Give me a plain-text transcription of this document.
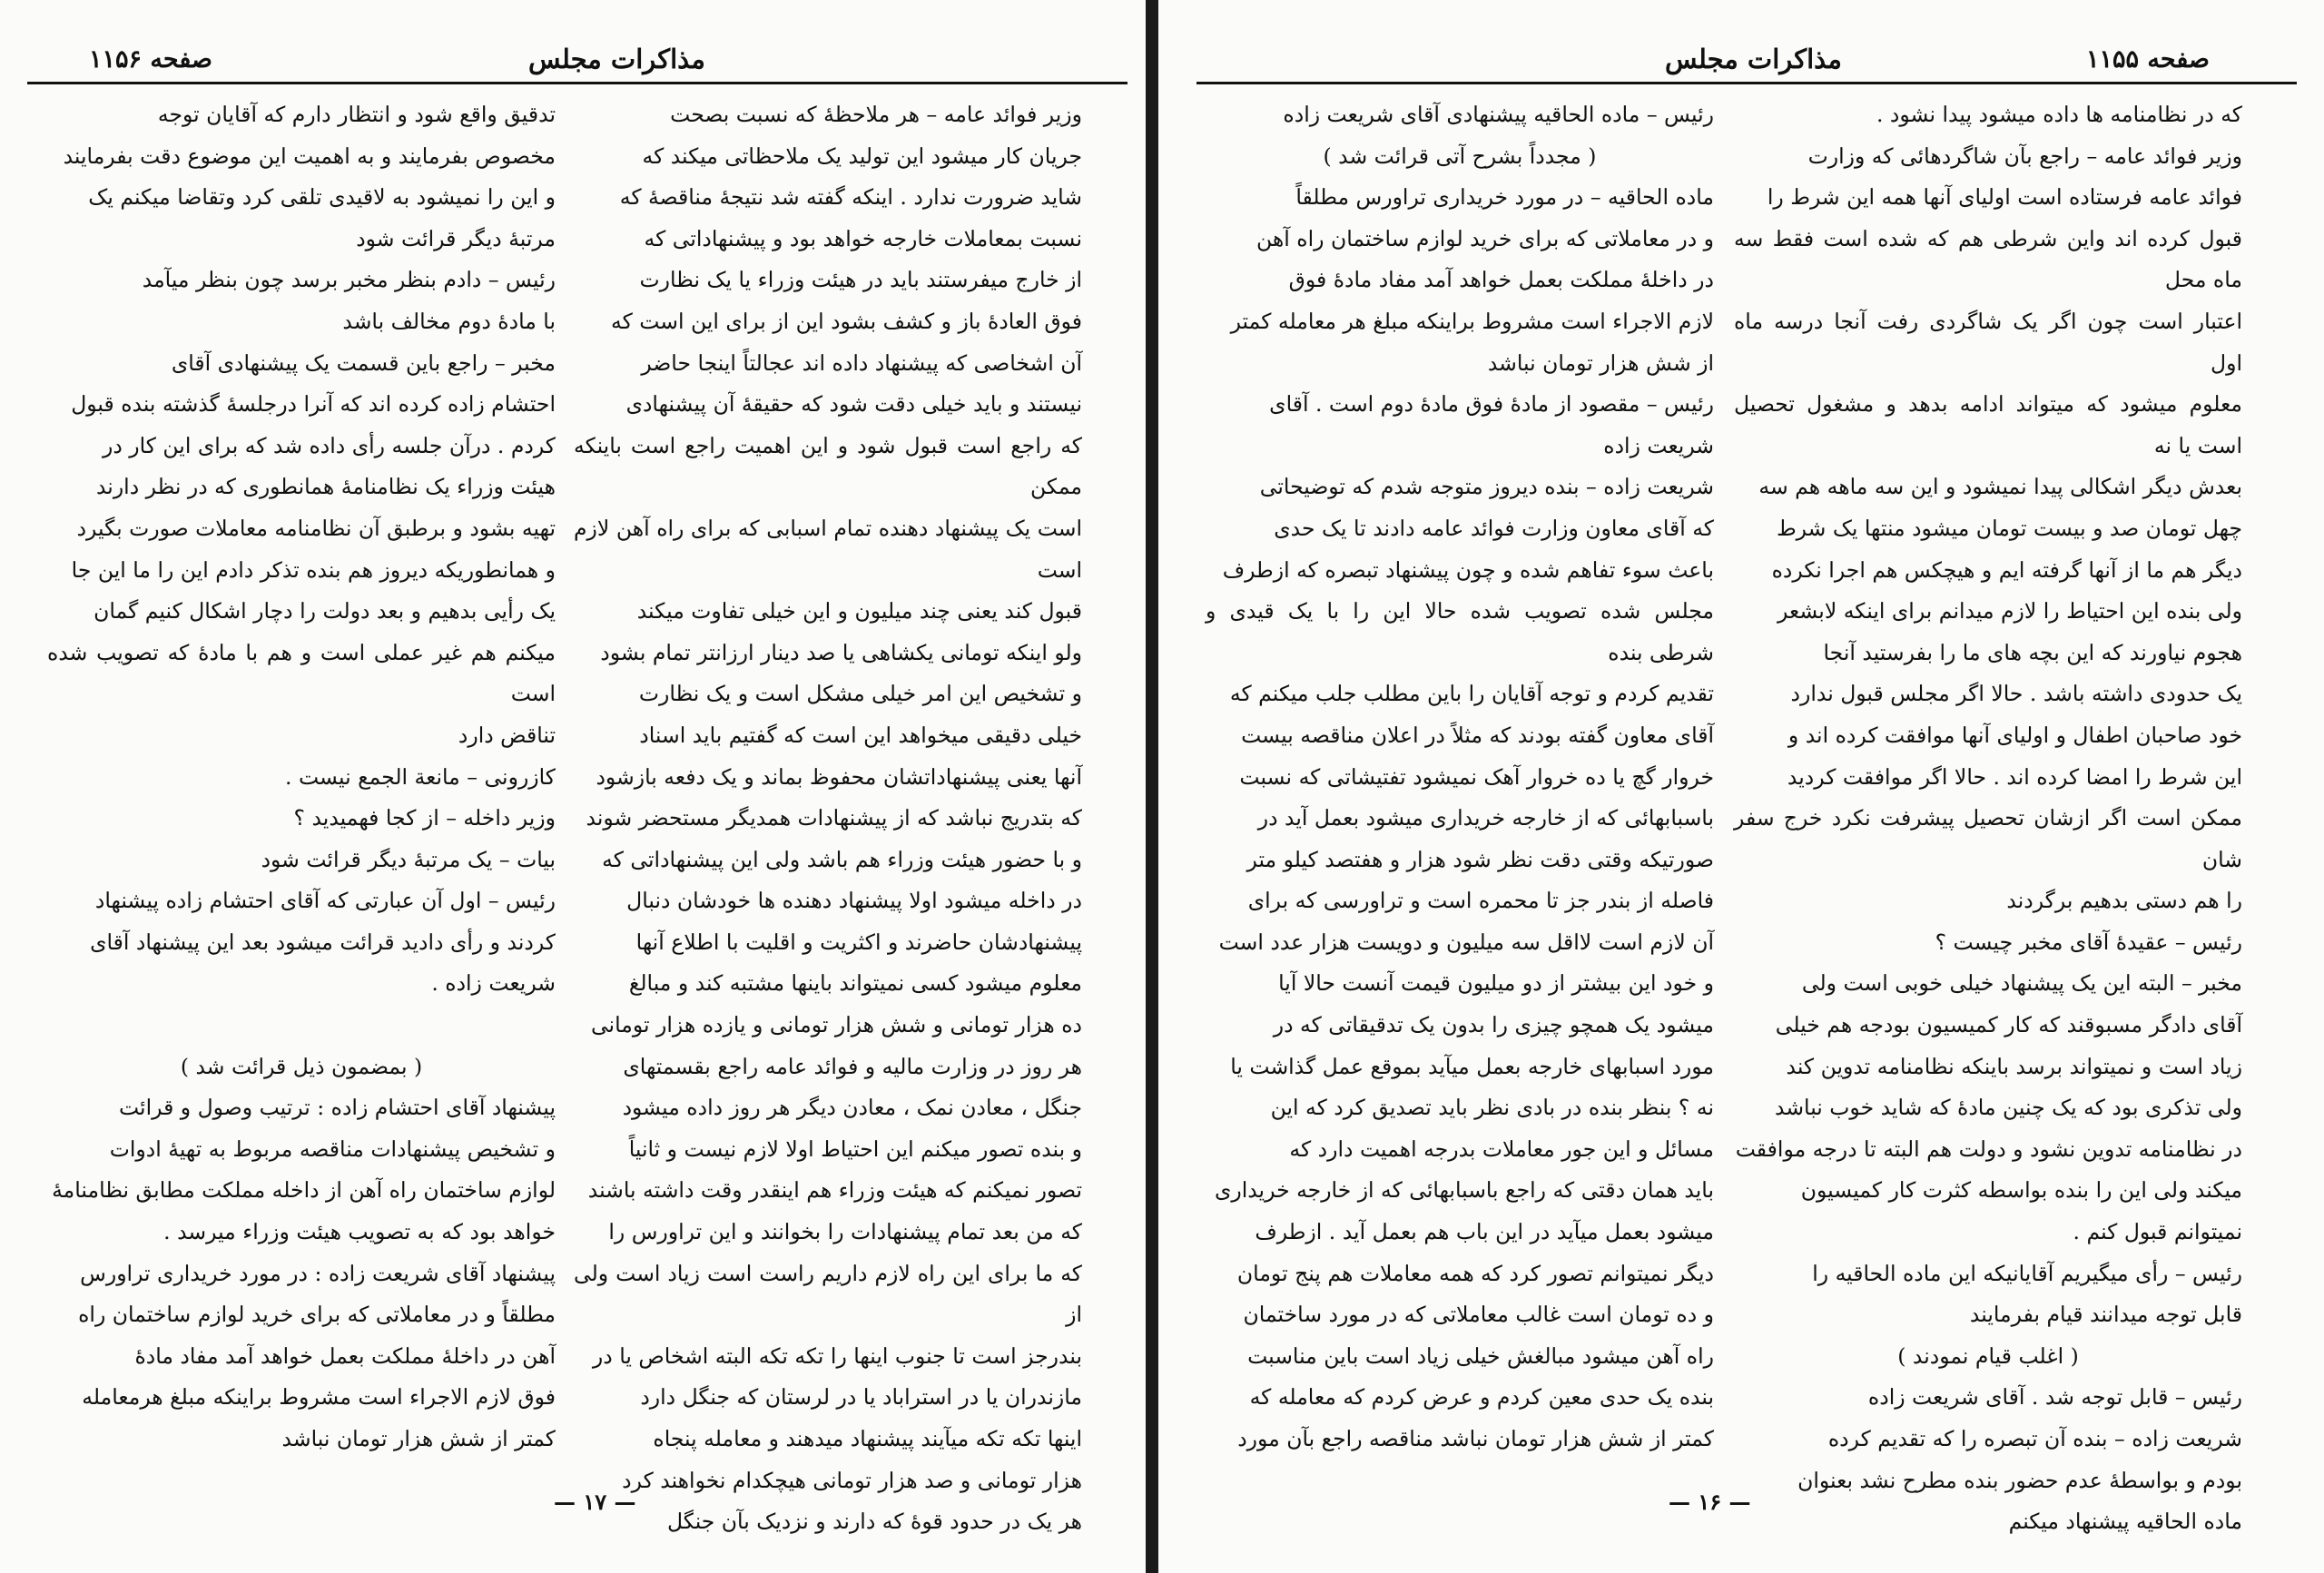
صفحه ۱۱۵۶	مذاکرات مجلس

وزیر فوائد عامه – هر ملاحظهٔ که نسبت بصحت

جریان کار میشود این تولید یک ملاحظاتی میکند که

شاید ضرورت ندارد . اینکه گفته شد نتیجهٔ مناقصهٔ که

نسبت بمعاملات خارجه خواهد بود و پیشنهاداتی که

از خارج میفرستند باید در هیئت وزراء یا یک نظارت

فوق العادهٔ باز و کشف بشود این از برای این است که

آن اشخاصی که پیشنهاد داده اند عجالتاً اینجا حاضر

نیستند و باید خیلی دقت شود که حقیقهٔ آن پیشنهادی

که راجع است قبول شود و این اهمیت راجع است باینکه ممکن

است یک پیشنهاد دهنده تمام اسبابی که برای راه آهن لازم است

قبول کند یعنی چند میلیون و این خیلی تفاوت میکند

ولو اینکه تومانی یکشاهی یا صد دینار ارزانتر تمام بشود

و تشخیص این امر خیلی مشکل است و یک نظارت

خیلی دقیقی میخواهد این است که گفتیم باید اسناد

آنها یعنی پیشنهاداتشان محفوظ بماند و یک دفعه بازشود

که بتدریج نباشد که از پیشنهادات همدیگر مستحضر شوند

و با حضور هیئت وزراء هم باشد ولی این پیشنهاداتی که

در داخله میشود اولا پیشنهاد دهنده ها خودشان دنبال

پیشنهادشان حاضرند و اکثریت و اقلیت با اطلاع آنها

معلوم میشود کسی نمیتواند باینها مشتبه کند و مبالغ

ده هزار تومانی و شش هزار تومانی و یازده هزار تومانی

هر روز در وزارت مالیه و فوائد عامه راجع بقسمتهای

جنگل ، معادن نمک ، معادن دیگر هر روز داده میشود

و بنده تصور میکنم این احتیاط اولا لازم نیست و ثانیاً

تصور نمیکنم که هیئت وزراء هم اینقدر وقت داشته باشند

که من بعد تمام پیشنهادات را بخوانند و این تراورس را

که ما برای این راه لازم داریم راست است زیاد است ولی از

بندرجز است تا جنوب اینها را تکه تکه البته اشخاص یا در

مازندران یا در استراباد یا در لرستان که جنگل دارد

اینها تکه تکه میآیند پیشنهاد میدهند و معامله پنجاه

هزار تومانی و صد هزار تومانی هیچکدام نخواهند کرد

هر یک در حدود قوهٔ که دارند و نزدیک بآن جنگل

تدقیق واقع شود و انتظار دارم که آقایان توجه

مخصوص بفرمایند و به اهمیت این موضوع دقت بفرمایند

و این را نمیشود به لاقیدی تلقی کرد وتقاضا میکنم یک

مرتبهٔ دیگر قرائت شود

رئیس – دادم بنظر مخبر برسد چون بنظر میآمد

با مادهٔ دوم مخالف باشد

مخبر – راجع باین قسمت یک پیشنهادی آقای

احتشام زاده کرده اند که آنرا درجلسهٔ گذشته بنده قبول

کردم . درآن جلسه رأی داده شد که برای این کار در

هیئت وزراء یک نظامنامهٔ همانطوری که در نظر دارند

تهیه بشود و برطبق آن نظامنامه معاملات صورت بگیرد

و همانطوریکه دیروز هم بنده تذکر دادم این را ما این جا

یک رأیی بدهیم و بعد دولت را دچار اشکال کنیم گمان

میکنم هم غیر عملی است و هم با مادهٔ که تصویب شده است

تناقض دارد

کازرونی – مانعة الجمع نیست .

وزیر داخله – از کجا فهمیدید ؟

بیات – یک مرتبهٔ دیگر قرائت شود

رئیس – اول آن عبارتی که آقای احتشام زاده پیشنهاد

کردند و رأی دادید قرائت میشود بعد این پیشنهاد آقای

شریعت زاده .

( بمضمون ذیل قرائت شد )

پیشنهاد آقای احتشام زاده : ترتیب وصول و قرائت

و تشخیص پیشنهادات مناقصه مربوط به تهیهٔ ادوات

لوازم ساختمان راه آهن از داخله مملکت مطابق نظامنامهٔ

خواهد بود که به تصویب هیئت وزراء میرسد .

پیشنهاد آقای شریعت زاده : در مورد خریداری تراورس

مطلقاً و در معاملاتی که برای خرید لوازم ساختمان راه

آهن در داخلهٔ مملکت بعمل خواهد آمد مفاد مادهٔ

فوق لازم الاجراء است مشروط براینکه مبلغ هرمعامله

کمتر از شش هزار تومان نباشد

— ۱۷ —
صفحه ۱۱۵۵
مذاکرات مجلس

که در نظامنامه ها داده میشود پیدا نشود .

وزیر فوائد عامه – راجع بآن شاگردهائی که وزارت

فوائد عامه فرستاده است اولیای آنها همه این شرط را

قبول کرده اند واین شرطی هم که شده است فقط سه ماه محل

اعتبار است چون اگر یک شاگردی رفت آنجا درسه ماه اول

معلوم میشود که میتواند ادامه بدهد و مشغول تحصیل است یا نه

بعدش دیگر اشکالی پیدا نمیشود و این سه ماهه هم سه

چهل تومان صد و بیست تومان میشود منتها یک شرط

دیگر هم ما از آنها گرفته ایم و هیچکس هم اجرا نکرده

ولی بنده این احتیاط را لازم میدانم برای اینکه لابشعر

هجوم نیاورند که این بچه های ما را بفرستید آنجا

یک حدودی داشته باشد . حالا اگر مجلس قبول ندارد

خود صاحبان اطفال و اولیای آنها موافقت کرده اند و

این شرط را امضا کرده اند . حالا اگر موافقت کردید

ممکن است اگر ازشان تحصیل پیشرفت نکرد خرج سفر شان

را هم دستی بدهیم برگردند

رئیس – عقیدهٔ آقای مخبر چیست ؟

مخبر – البته این یک پیشنهاد خیلی خوبی است ولی

آقای دادگر مسبوقند که کار کمیسیون بودجه هم خیلی

زیاد است و نمیتواند برسد باینکه نظامنامه تدوین کند

ولی تذکری بود که یک چنین مادهٔ که شاید خوب نباشد

در نظامنامه تدوین نشود و دولت هم البته تا درجه موافقت

میکند ولی این را بنده بواسطه کثرت کار کمیسیون

نمیتوانم قبول کنم .

رئیس – رأی میگیریم آقایانیکه این ماده الحاقیه را

قابل توجه میدانند قیام بفرمایند

( اغلب قیام نمودند )

رئیس – قابل توجه شد . آقای شریعت زاده

شریعت زاده – بنده آن تبصره را که تقدیم کرده

بودم و بواسطهٔ عدم حضور بنده مطرح نشد بعنوان

ماده الحاقیه پیشنهاد میکنم

رئیس – ماده الحاقیه پیشنهادی آقای شریعت زاده

( مجدداً بشرح آتی قرائت شد )

ماده الحاقیه – در مورد خریداری تراورس مطلقاً

و در معاملاتی که برای خرید لوازم ساختمان راه آهن

در داخلهٔ مملکت بعمل خواهد آمد مفاد مادهٔ فوق

لازم الاجراء است مشروط براینکه مبلغ هر معامله کمتر

از شش هزار تومان نباشد

رئیس – مقصود از مادهٔ فوق مادهٔ دوم است . آقای

شریعت زاده

شریعت زاده – بنده دیروز متوجه شدم که توضیحاتی

که آقای معاون وزارت فوائد عامه دادند تا یک حدی

باعث سوء تفاهم شده و چون پیشنهاد تبصره که ازطرف

مجلس شده تصویب شده حالا این را با یک قیدی و شرطی بنده

تقدیم کردم و توجه آقایان را باین مطلب جلب میکنم که

آقای معاون گفته بودند که مثلاً در اعلان مناقصه بیست

خروار گچ یا ده خروار آهک نمیشود تفتیشاتی که نسبت

باسبابهائی که از خارجه خریداری میشود بعمل آید در

صورتیکه وقتی دقت نظر شود هزار و هفتصد کیلو متر

فاصله از بندر جز تا محمره است و تراورسی که برای

آن لازم است لااقل سه میلیون و دویست هزار عدد است

و خود این بیشتر از دو میلیون قیمت آنست حالا آیا

میشود یک همچو چیزی را بدون یک تدقیقاتی که در

مورد اسبابهای خارجه بعمل میآید بموقع عمل گذاشت یا

نه ؟ بنظر بنده در بادی نظر باید تصدیق کرد که این

مسائل و این جور معاملات بدرجه اهمیت دارد که

باید همان دقتی که راجع باسبابهائی که از خارجه خریداری

میشود بعمل میآید در این باب هم بعمل آید . ازطرف

دیگر نمیتوانم تصور کرد که همه معاملات هم پنج تومان

و ده تومان است غالب معاملاتی که در مورد ساختمان

راه آهن میشود مبالغش خیلی زیاد است باین مناسبت

بنده یک حدی معین کردم و عرض کردم که معامله که

کمتر از شش هزار تومان نباشد مناقصه راجع بآن مورد

— ۱۶ —
